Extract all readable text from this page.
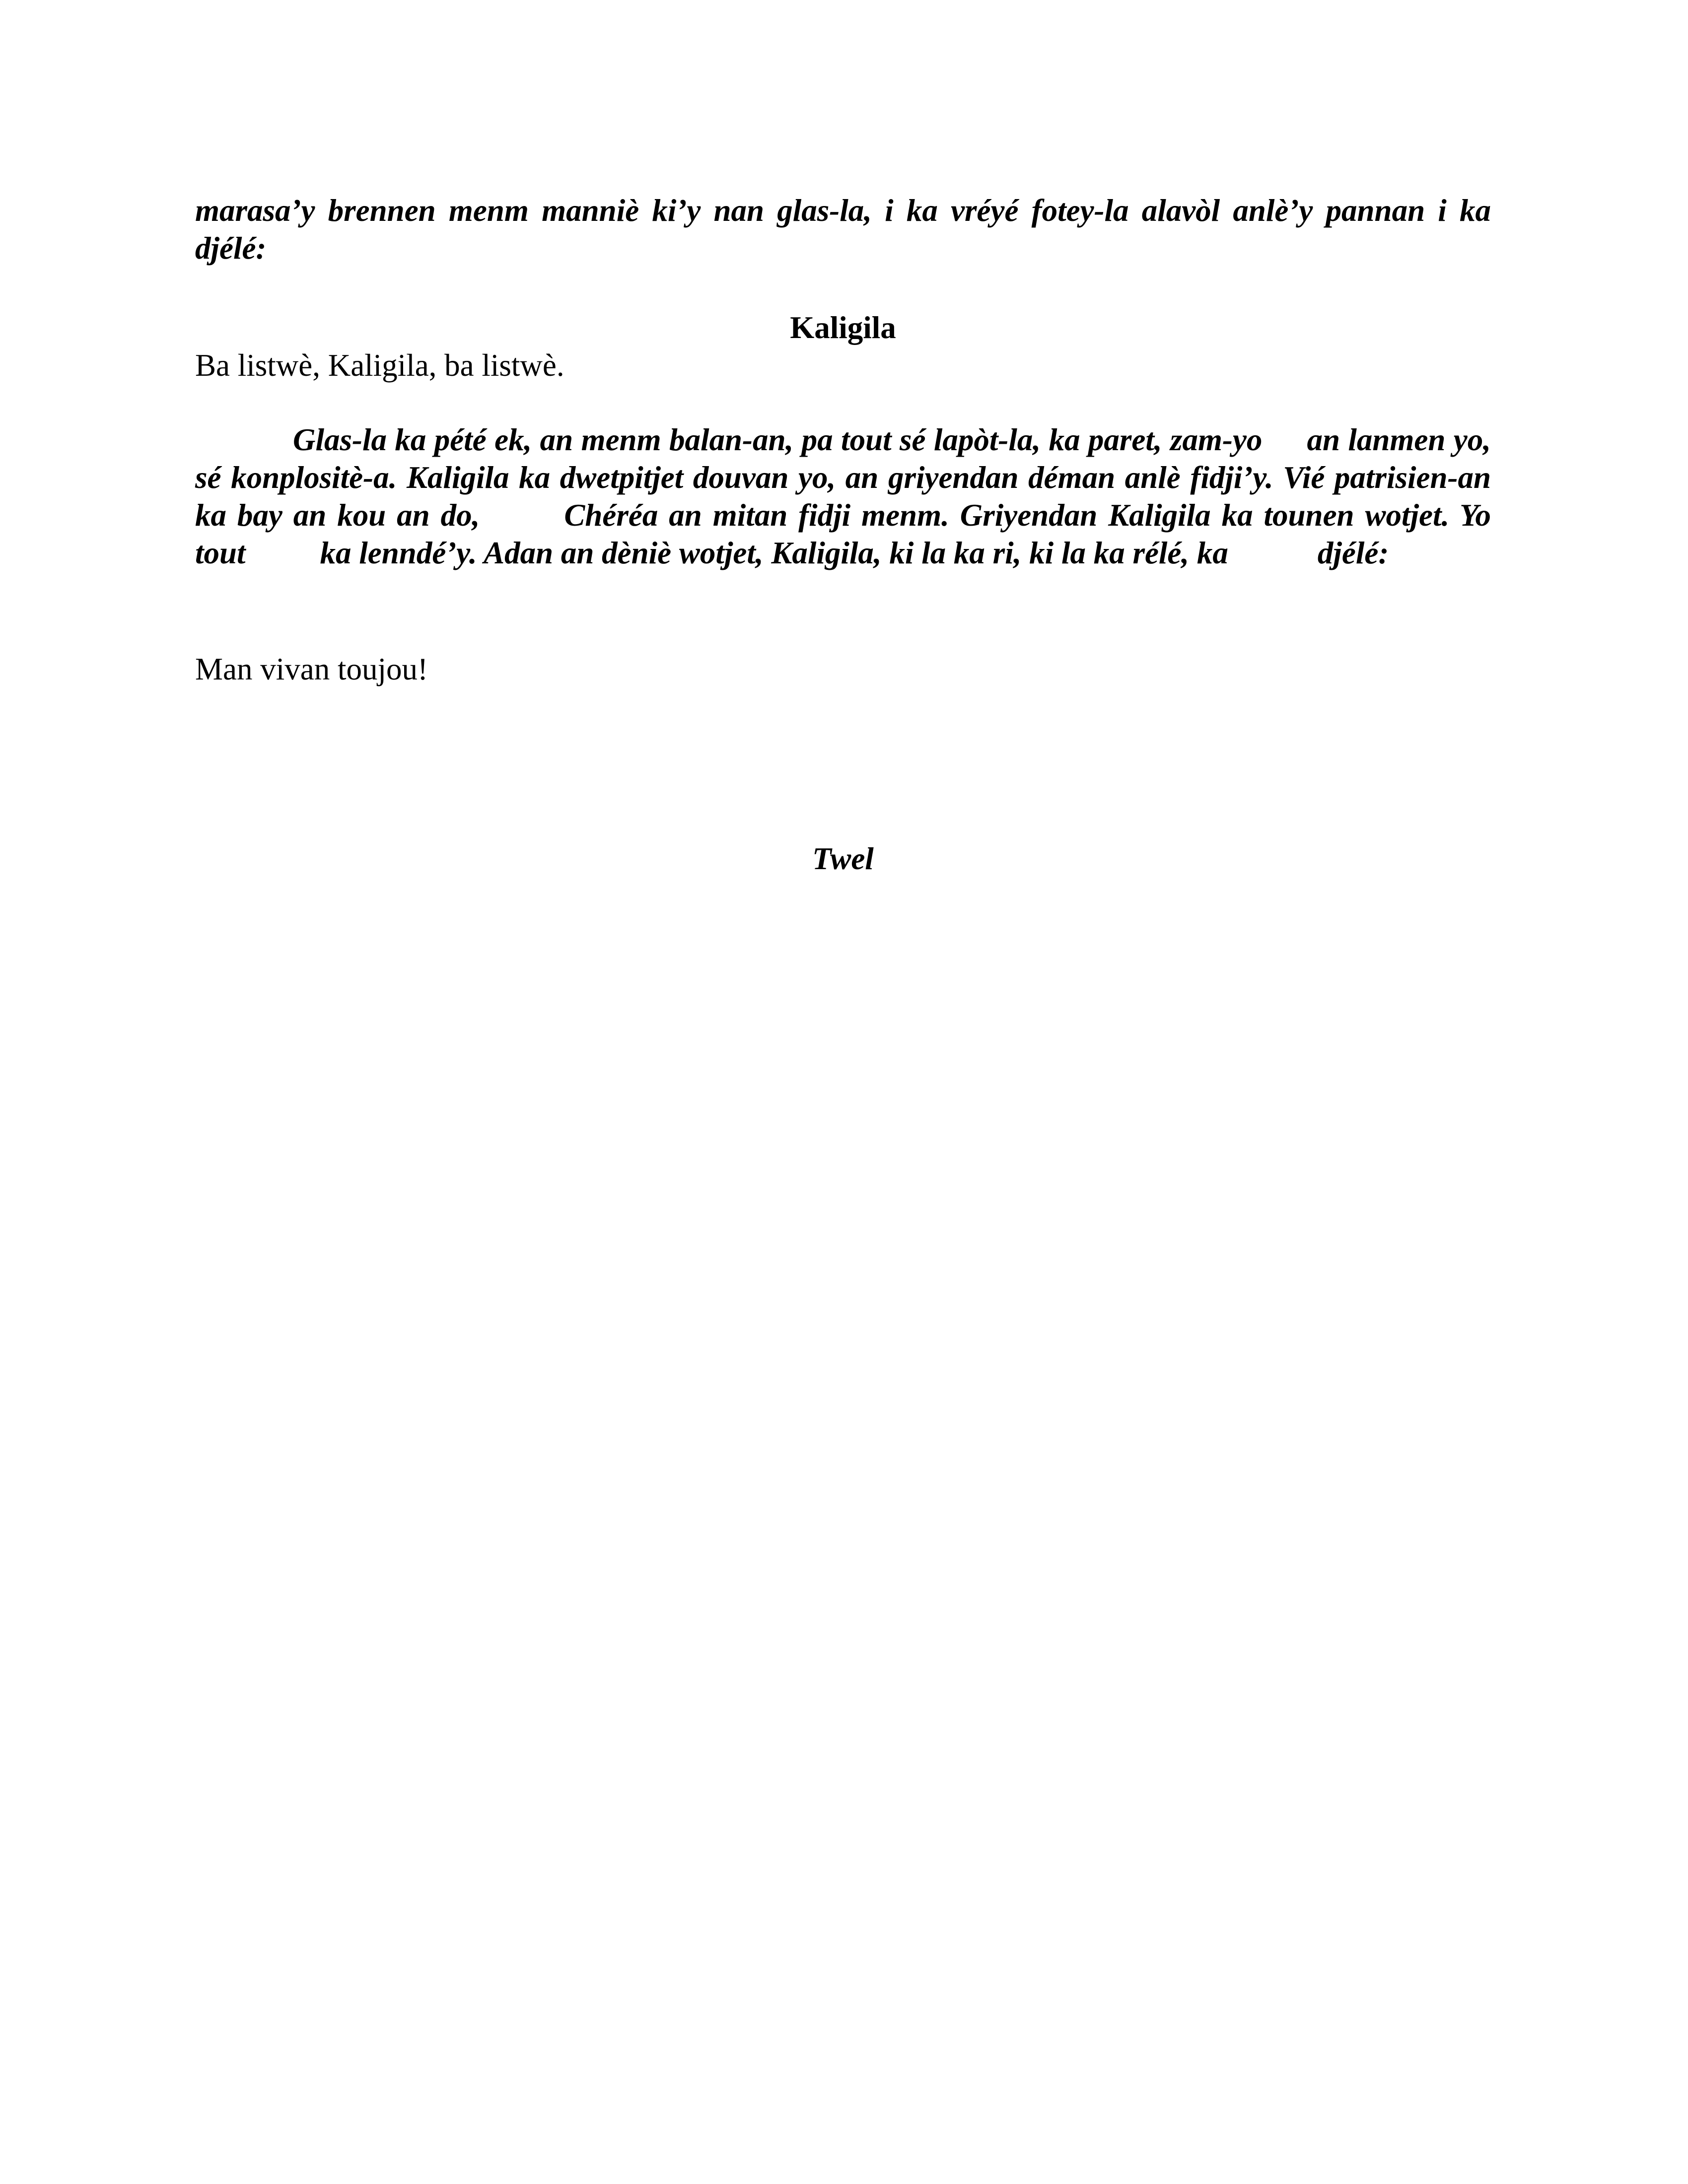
marasa’y brennen menm manniè ki’y nan glas-la, i ka vréyé fotey-la alavòl anlè’y pannan i ka djélé:

Kaligila

Ba listwè, Kaligila, ba listwè.

Glas-la ka pété ek, an menm balan-an, pa tout sé lapòt-la, ka paret, zam-yo an lanmen yo, sé konplositè-a. Kaligila ka dwetpitjet douvan yo, an griyendan déman anlè fidji’y. Vié patrisien-an ka bay an kou an do,	Chéréa an mitan fidji menm. Griyendan Kaligila ka tounen wotjet. Yo tout ka lenndé’y. Adan an dèniè wotjet, Kaligila, ki la ka ri, ki la ka rélé, ka	djélé:

Man vivan toujou!

Twel
